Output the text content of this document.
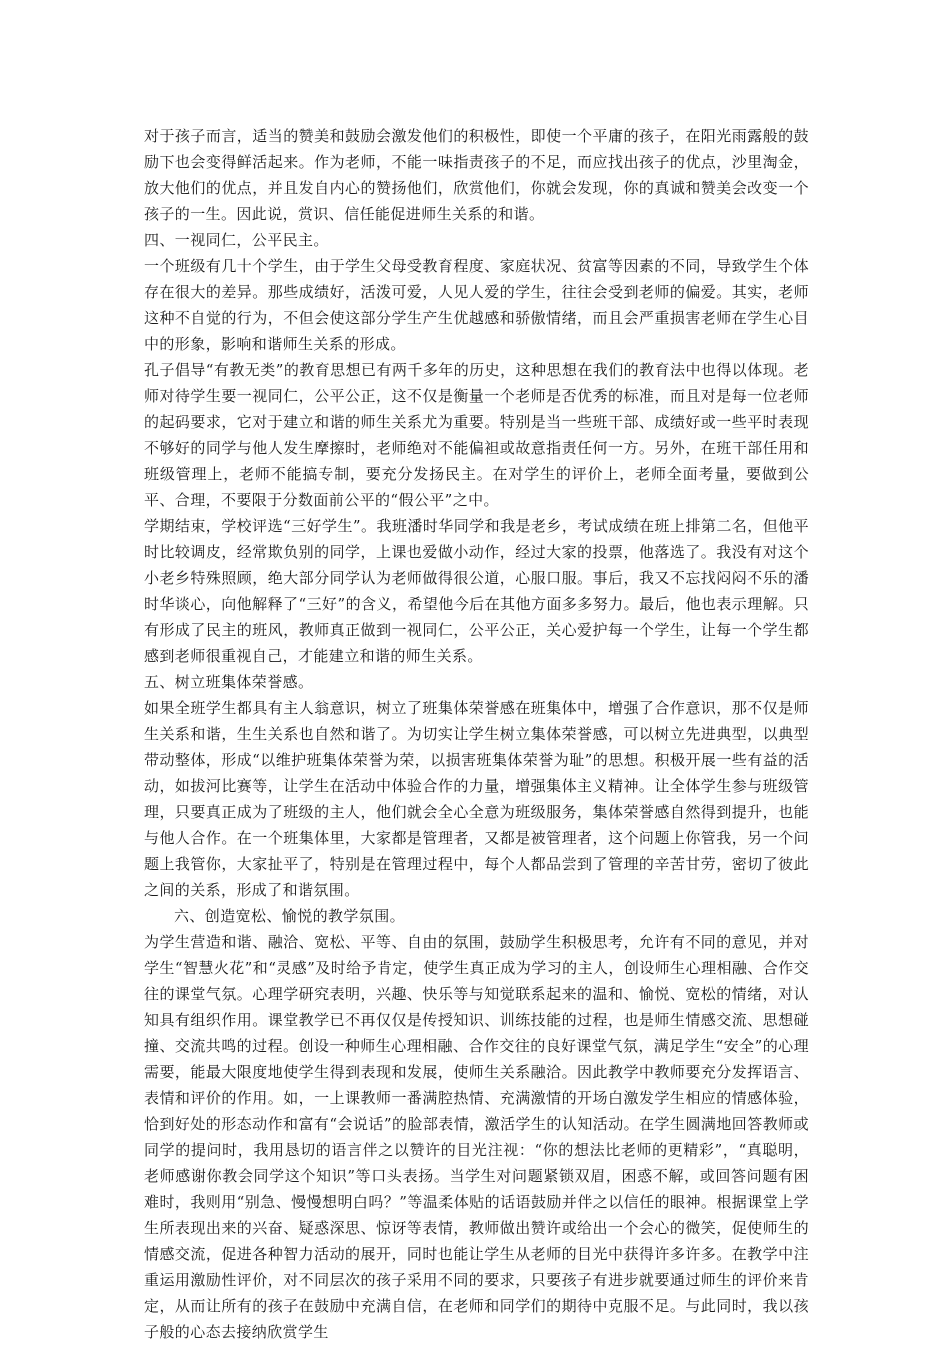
对于孩子而言，适当的赞美和鼓励会激发他们的积极性，即使一个平庸的孩子，在阳光雨露般的鼓励下也会变得鲜活起来。作为老师，不能一味指责孩子的不足，而应找出孩子的优点，沙里淘金，放大他们的优点，并且发自内心的赞扬他们，欣赏他们，你就会发现，你的真诚和赞美会改变一个孩子的一生。因此说，赏识、信任能促进师生关系的和谐。

四、一视同仁，公平民主。

一个班级有几十个学生，由于学生父母受教育程度、家庭状况、贫富等因素的不同，导致学生个体存在很大的差异。那些成绩好，活泼可爱，人见人爱的学生，往往会受到老师的偏爱。其实，老师这种不自觉的行为，不但会使这部分学生产生优越感和骄傲情绪，而且会严重损害老师在学生心目中的形象，影响和谐师生关系的形成。

孔子倡导“有教无类”的教育思想已有两千多年的历史，这种思想在我们的教育法中也得以体现。老师对待学生要一视同仁，公平公正，这不仅是衡量一个老师是否优秀的标准，而且对是每一位老师的起码要求，它对于建立和谐的师生关系尤为重要。特别是当一些班干部、成绩好或一些平时表现不够好的同学与他人发生摩擦时，老师绝对不能偏袒或故意指责任何一方。另外，在班干部任用和班级管理上，老师不能搞专制，要充分发扬民主。在对学生的评价上，老师全面考量，要做到公平、合理，不要限于分数面前公平的“假公平”之中。

学期结束，学校评选“三好学生”。我班潘时华同学和我是老乡，考试成绩在班上排第二名，但他平时比较调皮，经常欺负别的同学，上课也爱做小动作，经过大家的投票，他落选了。我没有对这个小老乡特殊照顾，绝大部分同学认为老师做得很公道，心服口服。事后，我又不忘找闷闷不乐的潘时华谈心，向他解释了“三好”的含义，希望他今后在其他方面多多努力。最后，他也表示理解。只有形成了民主的班风，教师真正做到一视同仁，公平公正，关心爱护每一个学生，让每一个学生都感到老师很重视自己，才能建立和谐的师生关系。

五、树立班集体荣誉感。

如果全班学生都具有主人翁意识，树立了班集体荣誉感在班集体中，增强了合作意识，那不仅是师生关系和谐，生生关系也自然和谐了。为切实让学生树立集体荣誉感，可以树立先进典型，以典型带动整体，形成“以维护班集体荣誉为荣，以损害班集体荣誉为耻”的思想。积极开展一些有益的活动，如拔河比赛等，让学生在活动中体验合作的力量，增强集体主义精神。让全体学生参与班级管理，只要真正成为了班级的主人，他们就会全心全意为班级服务，集体荣誉感自然得到提升，也能与他人合作。在一个班集体里，大家都是管理者，又都是被管理者，这个问题上你管我，另一个问题上我管你，大家扯平了，特别是在管理过程中，每个人都品尝到了管理的辛苦甘劳，密切了彼此之间的关系，形成了和谐氛围。

六、创造宽松、愉悦的教学氛围。

为学生营造和谐、融洽、宽松、平等、自由的氛围，鼓励学生积极思考，允许有不同的意见，并对学生“智慧火花”和“灵感”及时给予肯定，使学生真正成为学习的主人，创设师生心理相融、合作交往的课堂气氛。心理学研究表明，兴趣、快乐等与知觉联系起来的温和、愉悦、宽松的情绪，对认知具有组织作用。课堂教学已不再仅仅是传授知识、训练技能的过程，也是师生情感交流、思想碰撞、交流共鸣的过程。创设一种师生心理相融、合作交往的良好课堂气氛，满足学生“安全”的心理需要，能最大限度地使学生得到表现和发展，使师生关系融洽。因此教学中教师要充分发挥语言、表情和评价的作用。如，一上课教师一番满腔热情、充满激情的开场白激发学生相应的情感体验，恰到好处的形态动作和富有“会说话”的脸部表情，激活学生的认知活动。在学生圆满地回答教师或同学的提问时，我用恳切的语言伴之以赞许的目光注视：“你的想法比老师的更精彩”，“真聪明，老师感谢你教会同学这个知识”等口头表扬。当学生对问题紧锁双眉，困惑不解，或回答问题有困难时，我则用“别急、慢慢想明白吗？”等温柔体贴的话语鼓励并伴之以信任的眼神。根据课堂上学生所表现出来的兴奋、疑惑深思、惊讶等表情，教师做出赞许或给出一个会心的微笑，促使师生的情感交流，促进各种智力活动的展开，同时也能让学生从老师的目光中获得许多许多。在教学中注重运用激励性评价，对不同层次的孩子采用不同的要求，只要孩子有进步就要通过师生的评价来肯定，从而让所有的孩子在鼓励中充满自信，在老师和同学们的期待中克服不足。与此同时，我以孩子般的心态去接纳欣赏学生
